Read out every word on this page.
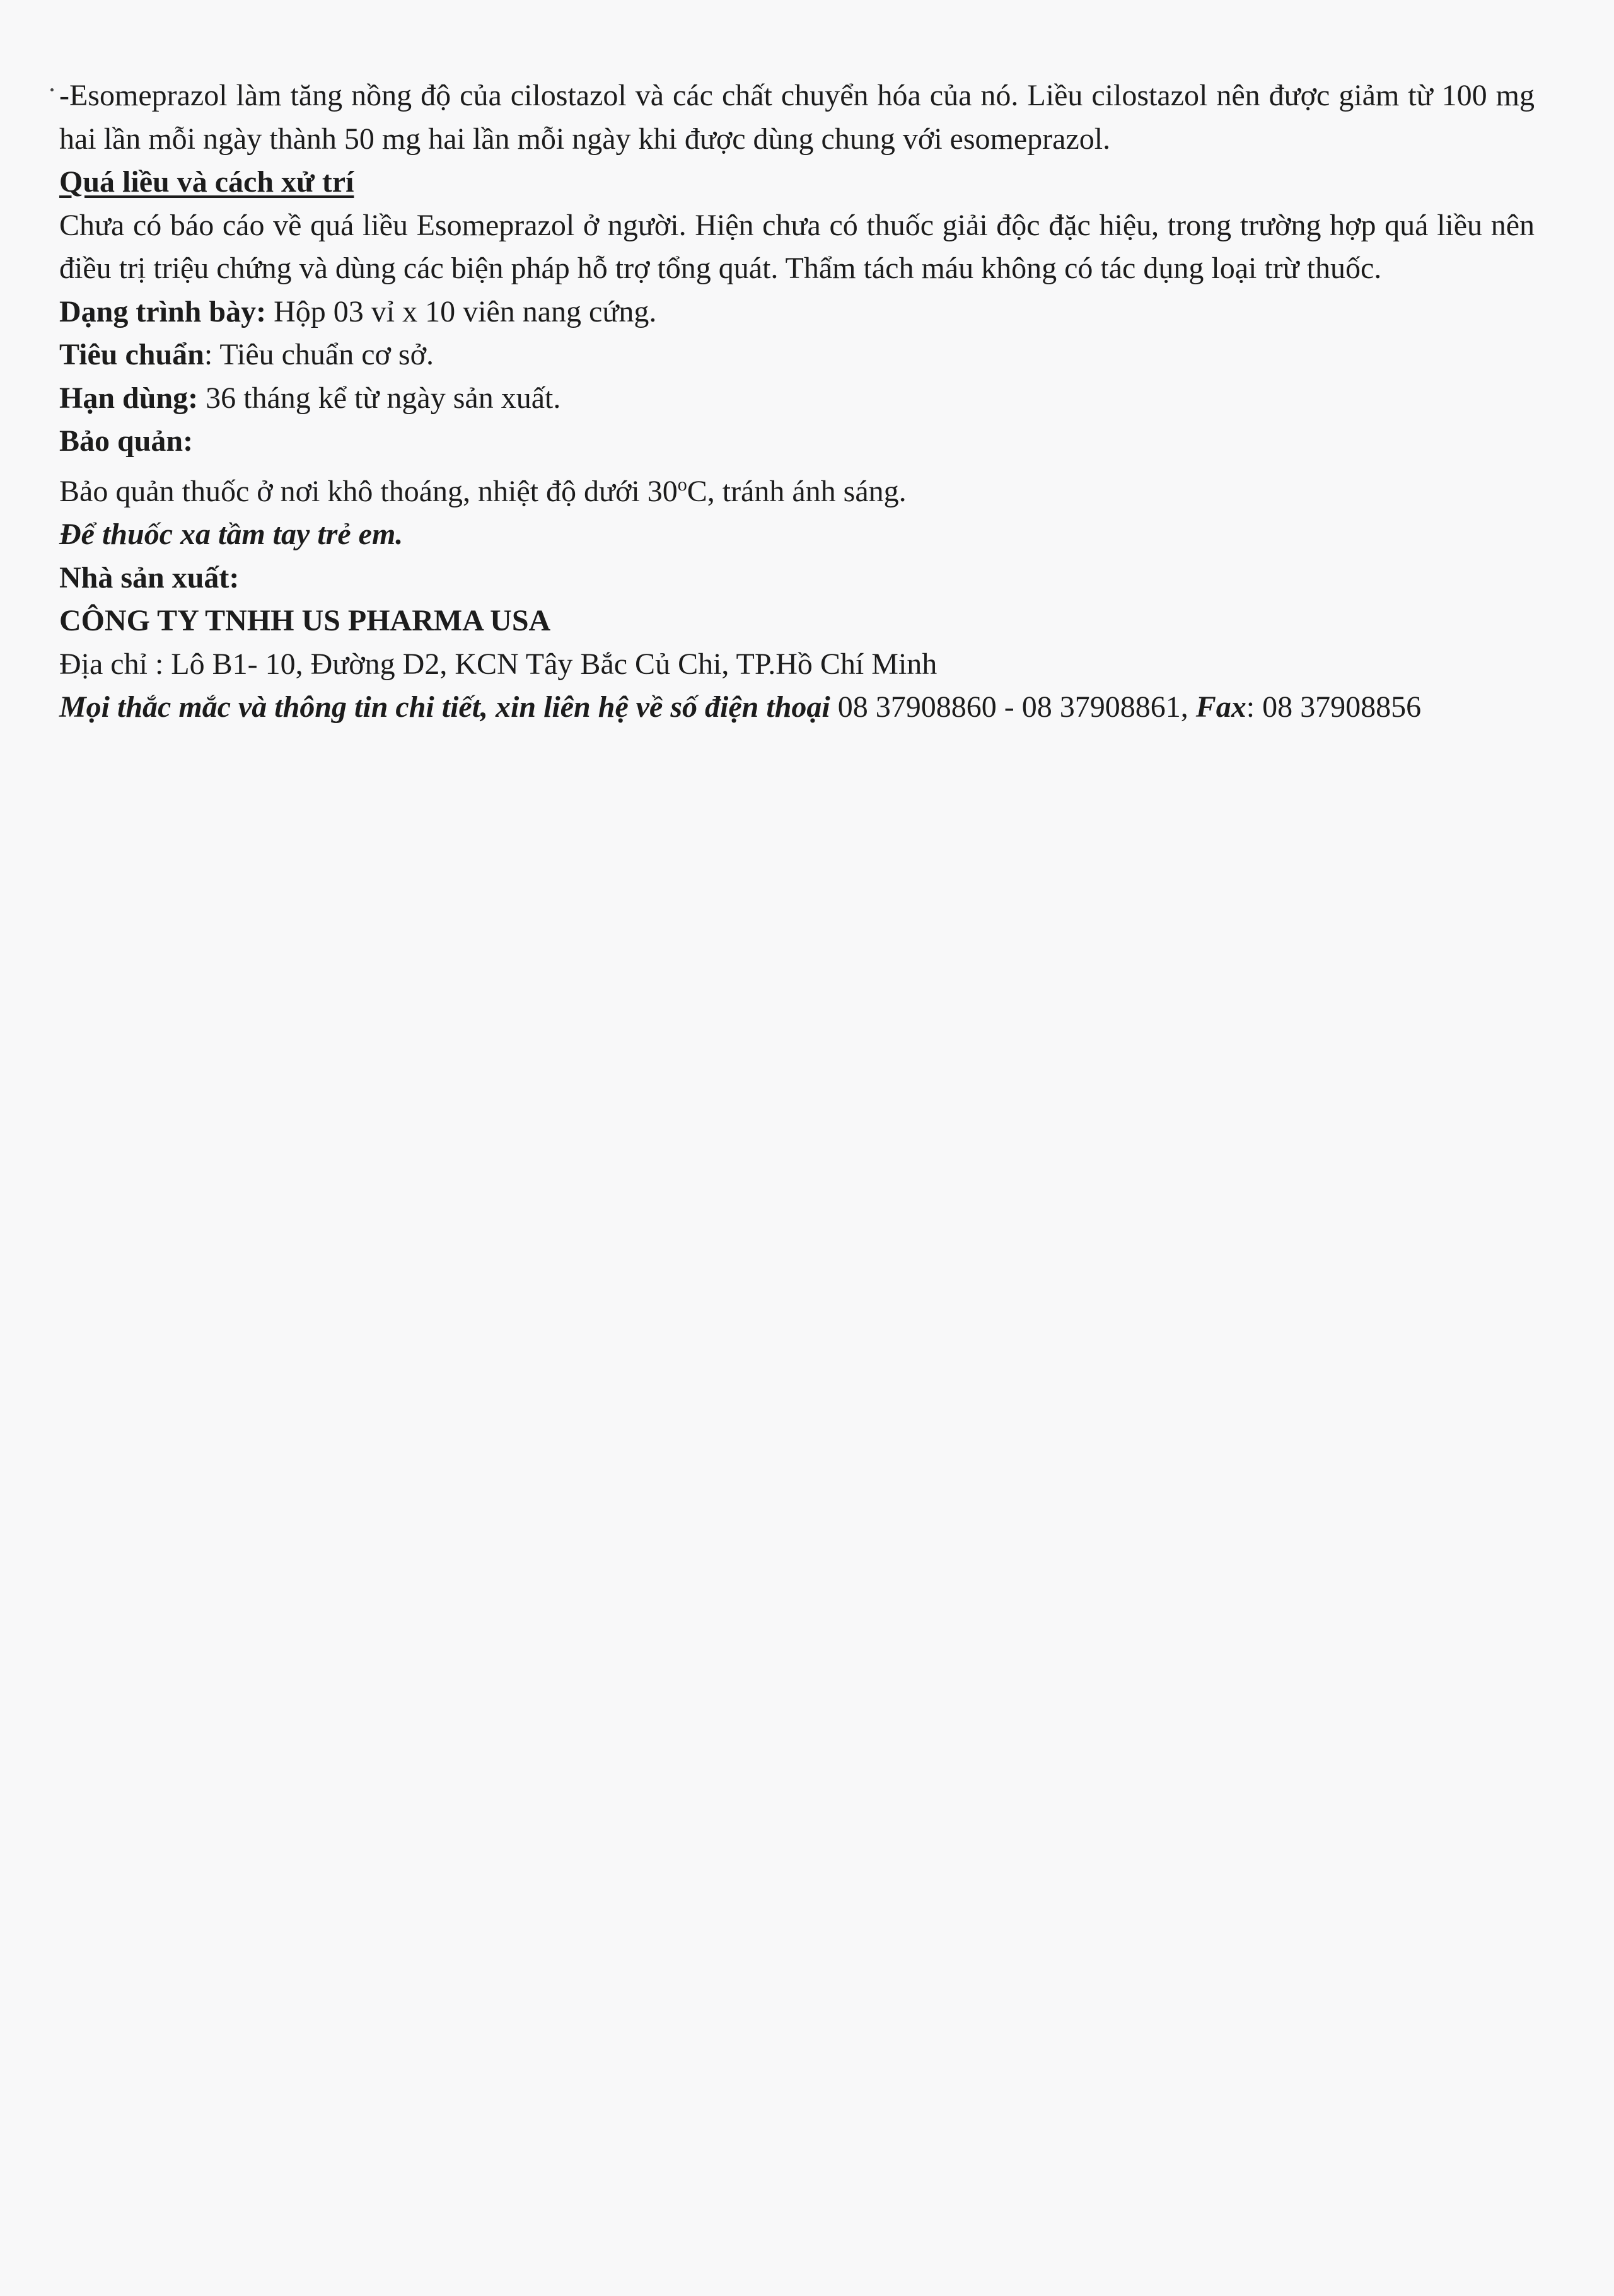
-Esomeprazol làm tăng nồng độ của cilostazol và các chất chuyển hóa của nó. Liều cilostazol nên được giảm từ 100 mg hai lần mỗi ngày thành 50 mg hai lần mỗi ngày khi được dùng chung với esomeprazol.

Quá liều và cách xử trí

Chưa có báo cáo về quá liều Esomeprazol ở người. Hiện chưa có thuốc giải độc đặc hiệu, trong trường hợp quá liều nên điều trị triệu chứng và dùng các biện pháp hỗ trợ tổng quát. Thẩm tách máu không có tác dụng loại trừ thuốc.

Dạng trình bày: Hộp 03 vỉ x 10 viên nang cứng.

Tiêu chuẩn: Tiêu chuẩn cơ sở.

Hạn dùng: 36 tháng kể từ ngày sản xuất.

Bảo quản:

Bảo quản thuốc ở nơi khô thoáng, nhiệt độ dưới 30$^o$C, tránh ánh sáng.

Để thuốc xa tầm tay trẻ em.

Nhà sản xuất:

CÔNG TY TNHH US PHARMA USA

Địa chỉ : Lô B1- 10, Đường D2, KCN Tây Bắc Củ Chi, TP.Hồ Chí Minh

Mọi thắc mắc và thông tin chi tiết, xin liên hệ về số điện thoại 08 37908860 - 08 37908861, Fax: 08 37908856
